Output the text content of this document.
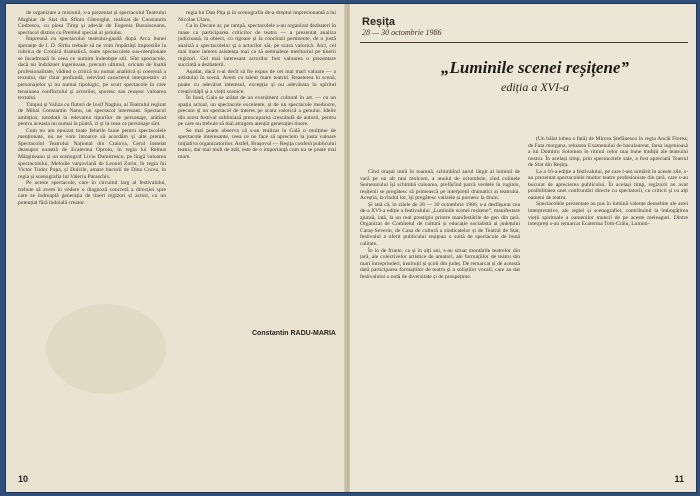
de organizare a misiunii, s-a prezentat și spectacolul Teatrului Maghiar de Stat din Sfîntu Gheorghe, realizat de Constantin Codrescu, cu piesa Timp și adevăr de Eugenia Busuioceanu, spectacol distins cu Premiul special al juriului.

Împreună cu spectacolul teatrului-gazdă după Arca bunei speranțe de I. D. Sîrbu trebuie să ne vom împărtăși impresiile la rubrica de Cronică dramatică, toate spectacolele sus-menționate se încadrează în ceea ce numim îndeobște stil. Sînt spectacole, dacă nu îndrăznet ingenioase, precum ultimul, oricum de înaltă profesionalitate, vădind o critică nu numai analitică și coerentă a textului, dar chiar profundă, relevînd caracterul interpretativ al personajelor și nu numai tipologic, pe scurt spectacole în care tensiunea conflictului și actorilor, sporesc sau reușesc valoarea textului.

Timpul și Valiza cu fluturi de Iosif Naghiu, al Teatrului regizat de Mihai Constantin Nanu, un spectacol interesant. Spectacol ambițios, totodată la relevarea tipurilor de personaje, arătînd pentru aceasta nu numai la piatră, ci și la ceea ce personaje sînt.

Cum nu am epuizat toate felurile bune pentru spectacolele menționate, nu ne vom întoarce să acordăm și alte premii. Spectacolul Teatrului Național din Craiova, Cerul înstelat deasupra noastră de Ecaterina Oproiu, în regia lui Remus Mărgineanu și un scenograf Liviu Dumitrescu, pe lîngă valoarea spectacolului, Melodie varșoviană de Leonid Zorin, în regia lui Victor Tudor Popa, și Dulcile, amare bucurii de Dina Cocea, în regia și scenografia lui Valeriu Paraschiv.

Pe aceste spectacole, care în circuitul larg al festivalului, trebuie să avem în vedere o diagnoză concretă a direcției spre care se îndreaptă generația de tineri regizori și actori, cu un potențial fără îndoială creator.

regia lui Dan Pița și în scenografia de-a dreptul impresionantă a lui Nicolae Ularu.

Ca în Decare ar, pe rampă, spectacolele s-au organizat dezbateri în mase cu participarea criticilor de teatru — a prezentat analiza judicioasă, la obiect, cu rigoare și la concluzii pertinente, de o justă analiză a spectacolelor și a actorilor săi, pe scara valorică. Aici, cel mai mare interes asistența mai ca să semnaleze meritoriul pe tinerii regizori. Cel mai interesant actorilor fost valoarea o prezentare succintă a dezbaterii.

Așadar, dacă n-ai decît să fie expus de cei mai mari valoare — a artistului în scenă. Avem cu talent mare teatrul. Reasterea în scenă, poate cu adevărat interesul, excepția și nu adevărata în spiritul creativității și a vieții scenice.

În fond, Gala se arătat de un eveniment cultural în art. — cu un spațiu actual, un spectacole excelente, și de un spectacole mediocre, precum și un spectacol de interes pe scara valorică a genului. Ideile din acest festival subliniază preocuparea crescândă de autorii, pentru pe care nu trebuie să mai atragem atenția generației tinere.

Se mai poate observa că s-au realizat la Gală o mulțime de spectacole interesante, ceea ce ne face să apreciem la justa valoare inițiativa organizatorilor. Astfel, Brașovul — Reșița conferă publicului teatru, dar mai mult de atât, este de o importanță cum nu se poate mai mare.

Constantin RADU-MARIA
10
Reșița
28 — 30 octombrie 1986
„Luminile scenei reșițene”
ediția a XVI-a

Cînd orașul intră în toamnă, schimbînd aurul lărgit al luminii de vară pe un alt mai molcom, a anului de octombrie, cînd colinele Semenicului își schimbă culoarea, prefăcînd parcă verdele în ruginiu, reșițenii se pregătesc să primească pe interpreții dramatici ai teatrului. Aceștia, la rîndul lor, își pregătesc valizele și pornesc la drum.

Și iată că, în zilele de 28 — 30 octombrie 1986, s-a desfășurat cea de-a XVI-a ediție a festivalului „Luminile scenei reșițene”, manifestare ajunsă, iată, la un real prestigiu printre manifestările de gen din țară. Organizat de Comitetul de cultură și educație socialistă al județului Caraș-Severin, de Casa de cultură a sindicatelor și de Teatrul de Stat, festivalul a oferit publicului reșițean o suită de spectacole de bună calitate.

În lo de frunte, ca și în alți ani, s-au situat montările teatrelor din țară, ale colectivelor artistice de amatori, ale formațiilor de teatru din mari întreprinderi, instituții și școli din județ. De remarcat și de această dată participarea formațiilor de teatru și a soliștilor vocali, care au dat festivalului o notă de diversitate și de prospețime.

(Un băiat iubea o fată) de Mircea Ștefănescu în regia Ancăi Florea; de Fata morgana, reluarea Examenului de bacalaureat, farsa ingenioasă a lui Dumitru Solomon în ritmul celor mai bune tradiții ale teatrului nostru. În același timp, prin spectacolele sale, a fost apreciată Teatrul de Stat din Reșița.

La a 16-a ediție a festivalului, pe care l-am urmărit în aceste zile, s-au prezentat spectacolele multor teatre profesioniste din țară, care s-au bucurat de aprecierea publicului. În același timp, regizorii au avut posibilitatea unei confruntări directe cu spectatorii, cu criticii și cu alți oameni de teatru.

Spectacolele prezentate au pus în lumină valențe deosebite ale artei interpretative, ale regiei și scenografiei, contribuind la îmbogățirea vieții spirituale a oamenilor muncii de pe aceste meleaguri. Dintre interpreți s-au remarcat Ecaterina Toth-Crăiu, Lumini-

11
